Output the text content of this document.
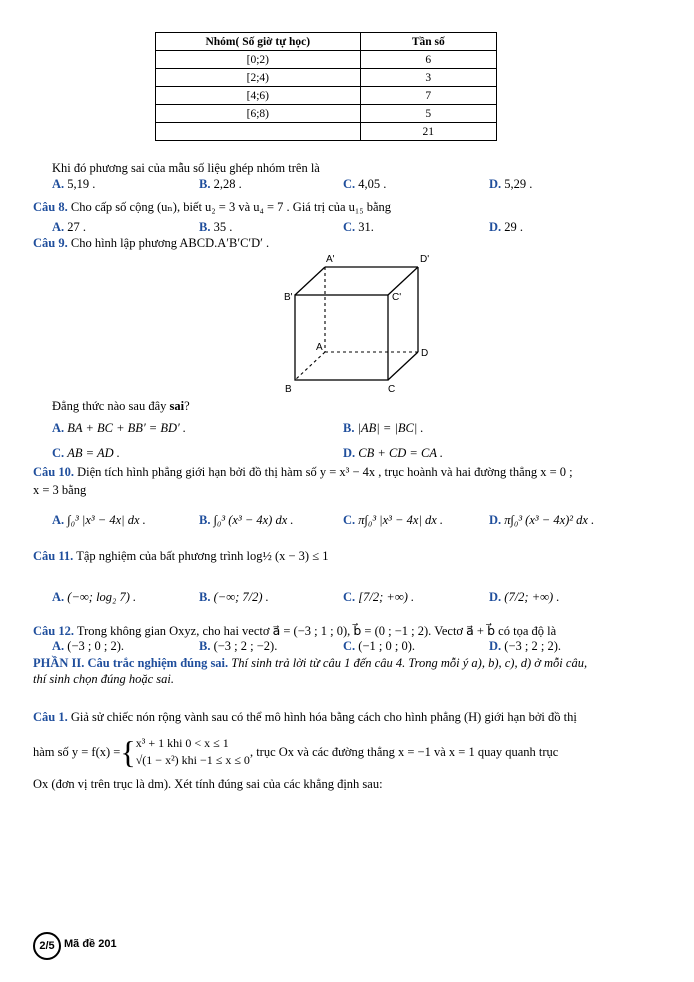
Nhóm( Số giờ tự học)	Tần số
[0;2)	6
[2;4)	3
[4;6)	7
[6;8)	5
	21
Khi đó phương sai của mẫu số liệu ghép nhóm trên là
A. 5,19 .	B. 2,28 .	C. 4,05 .	D. 5,29 .
Câu 8. Cho cấp số cộng (uₙ), biết u₂ = 3 và u₄ = 7 . Giá trị của u₁₅ bằng
A. 27 .	B. 35 .	C. 31.	D. 29 .
Câu 9. Cho hình lập phương ABCD.A′B′C′D′ .
A'	D'
B'	C'
A
D
B	C
Đẳng thức nào sau đây sai?
A. BA + BC + BB′ = BD′ .	B. |AB| = |BC| .
C. AB = AD .	D. CB + CD = CA .
Câu 10. Diện tích hình phẳng giới hạn bởi đồ thị hàm số y = x³ − 4x , trục hoành và hai đường thẳng x = 0 ;
x = 3 bằng
A. ∫₀³ |x³ − 4x| dx .	B. ∫₀³ (x³ − 4x) dx .	C. π∫₀³ |x³ − 4x| dx .	D. π∫₀³ (x³ − 4x)² dx .
Câu 11. Tập nghiệm của bất phương trình log½ (x − 3) ≤ 1
A. (−∞; log₂ 7) .	B. (−∞; 7/2) .	C. [7/2; +∞) .	D. (7/2; +∞) .
Câu 12. Trong không gian Oxyz, cho hai vectơ a⃗ = (−3 ; 1 ; 0), b⃗ = (0 ; −1 ; 2). Vectơ a⃗ + b⃗ có tọa độ là
A. (−3 ; 0 ; 2).	B. (−3 ; 2 ; −2).	C. (−1 ; 0 ; 0).	D. (−3 ; 2 ; 2).
PHẦN II. Câu trắc nghiệm đúng sai. Thí sinh trả lời từ câu 1 đến câu 4. Trong mỗi ý a), b), c), d) ở mỗi câu,
thí sinh chọn đúng hoặc sai.
Câu 1. Giả sử chiếc nón rộng vành sau có thể mô hình hóa bằng cách cho hình phẳng (H) giới hạn bởi đồ thị
hàm số y = f(x) = { x³ + 1 khi 0 < x ≤ 1
√(1 − x²) khi −1 ≤ x ≤ 0
, trục Ox và các đường thẳng x = −1 và x = 1 quay quanh trục
Ox (đơn vị trên trục là dm). Xét tính đúng sai của các khẳng định sau:
2/5 Mã đề 201
